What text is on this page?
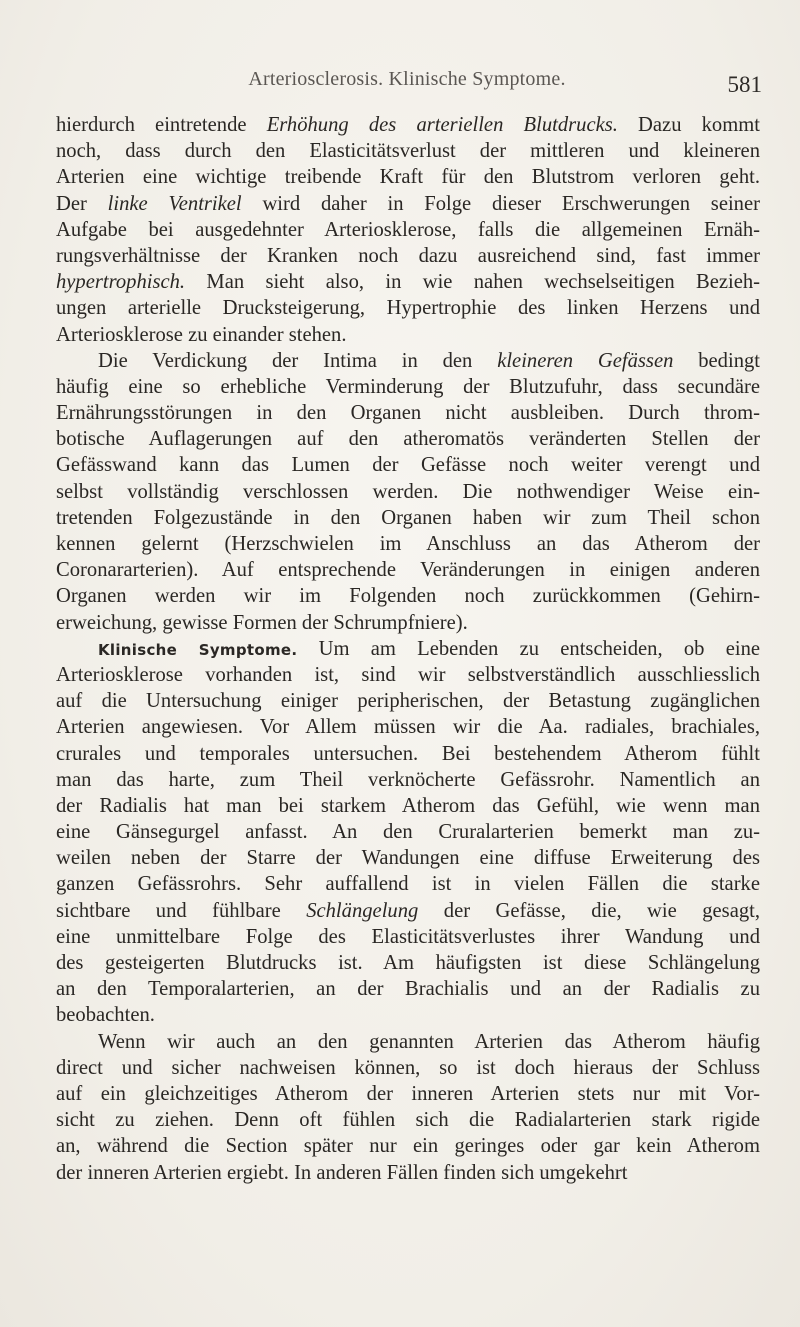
Arteriosclerosis. Klinische Symptome.	581
hierdurch eintretende Erhöhung des arteriellen Blutdrucks. Dazu kommt
noch, dass durch den Elasticitätsverlust der mittleren und kleineren
Arterien eine wichtige treibende Kraft für den Blutstrom verloren geht.
Der linke Ventrikel wird daher in Folge dieser Erschwerungen seiner
Aufgabe bei ausgedehnter Arteriosklerose, falls die allgemeinen Ernäh-
rungsverhältnisse der Kranken noch dazu ausreichend sind, fast immer
hypertrophisch. Man sieht also, in wie nahen wechselseitigen Bezieh-
ungen arterielle Drucksteigerung, Hypertrophie des linken Herzens und
Arteriosklerose zu einander stehen.
Die Verdickung der Intima in den kleineren Gefässen bedingt
häufig eine so erhebliche Verminderung der Blutzufuhr, dass secundäre
Ernährungsstörungen in den Organen nicht ausbleiben. Durch throm-
botische Auflagerungen auf den atheromatös veränderten Stellen der
Gefässwand kann das Lumen der Gefässe noch weiter verengt und
selbst vollständig verschlossen werden. Die nothwendiger Weise ein-
tretenden Folgezustände in den Organen haben wir zum Theil schon
kennen gelernt (Herzschwielen im Anschluss an das Atherom der
Coronararterien). Auf entsprechende Veränderungen in einigen anderen
Organen werden wir im Folgenden noch zurückkommen (Gehirn-
erweichung, gewisse Formen der Schrumpfniere).
Klinische Symptome. Um am Lebenden zu entscheiden, ob eine
Arteriosklerose vorhanden ist, sind wir selbstverständlich ausschliesslich
auf die Untersuchung einiger peripherischen, der Betastung zugänglichen
Arterien angewiesen. Vor Allem müssen wir die Aa. radiales, brachiales,
crurales und temporales untersuchen. Bei bestehendem Atherom fühlt
man das harte, zum Theil verknöcherte Gefässrohr. Namentlich an
der Radialis hat man bei starkem Atherom das Gefühl, wie wenn man
eine Gänsegurgel anfasst. An den Cruralarterien bemerkt man zu-
weilen neben der Starre der Wandungen eine diffuse Erweiterung des
ganzen Gefässrohrs. Sehr auffallend ist in vielen Fällen die starke
sichtbare und fühlbare Schlängelung der Gefässe, die, wie gesagt,
eine unmittelbare Folge des Elasticitätsverlustes ihrer Wandung und
des gesteigerten Blutdrucks ist. Am häufigsten ist diese Schlängelung
an den Temporalarterien, an der Brachialis und an der Radialis zu
beobachten.
Wenn wir auch an den genannten Arterien das Atherom häufig
direct und sicher nachweisen können, so ist doch hieraus der Schluss
auf ein gleichzeitiges Atherom der inneren Arterien stets nur mit Vor-
sicht zu ziehen. Denn oft fühlen sich die Radialarterien stark rigide
an, während die Section später nur ein geringes oder gar kein Atherom
der inneren Arterien ergiebt. In anderen Fällen finden sich umgekehrt
